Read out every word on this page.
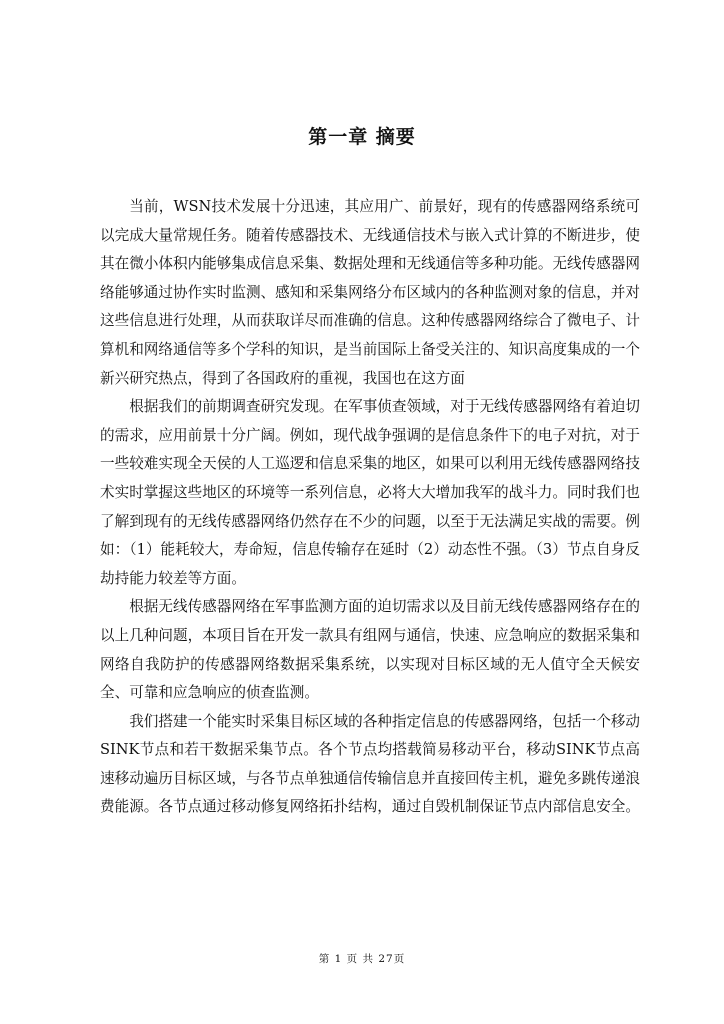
第一章 摘要

当前，WSN技术发展十分迅速，其应用广、前景好，现有的传感器网络系统可以完成大量常规任务。随着传感器技术、无线通信技术与嵌入式计算的不断进步，使其在微小体积内能够集成信息采集、数据处理和无线通信等多种功能。无线传感器网络能够通过协作实时监测、感知和采集网络分布区域内的各种监测对象的信息，并对这些信息进行处理，从而获取详尽而准确的信息。这种传感器网络综合了微电子、计算机和网络通信等多个学科的知识，是当前国际上备受关注的、知识高度集成的一个新兴研究热点，得到了各国政府的重视，我国也在这方面

根据我们的前期调查研究发现。在军事侦查领域，对于无线传感器网络有着迫切的需求，应用前景十分广阔。例如，现代战争强调的是信息条件下的电子对抗，对于一些较难实现全天侯的人工巡逻和信息采集的地区，如果可以利用无线传感器网络技术实时掌握这些地区的环境等一系列信息，必将大大增加我军的战斗力。同时我们也了解到现有的无线传感器网络仍然存在不少的问题，以至于无法满足实战的需要。例如：（1）能耗较大，寿命短，信息传输存在延时（2）动态性不强。（3）节点自身反劫持能力较差等方面。

根据无线传感器网络在军事监测方面的迫切需求以及目前无线传感器网络存在的以上几种问题，本项目旨在开发一款具有组网与通信，快速、应急响应的数据采集和网络自我防护的传感器网络数据采集系统，以实现对目标区域的无人值守全天候安全、可靠和应急响应的侦查监测。

我们搭建一个能实时采集目标区域的各种指定信息的传感器网络，包括一个移动SINK节点和若干数据采集节点。各个节点均搭载简易移动平台，移动SINK节点高速移动遍历目标区域，与各节点单独通信传输信息并直接回传主机，避免多跳传递浪费能源。各节点通过移动修复网络拓扑结构，通过自毁机制保证节点内部信息安全。

第 1 页 共 27页
